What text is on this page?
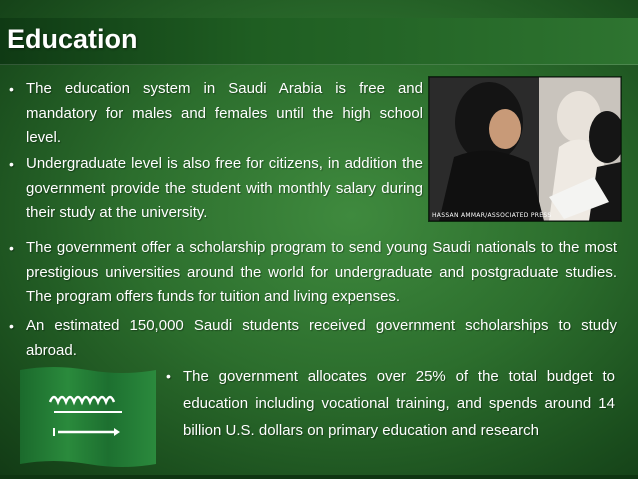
Education
• The education system in Saudi Arabia is free and mandatory for males and females until the high school level.
• Undergraduate level is also free for citizens, in addition the government provide the student with monthly salary during their study at the university.
• The government offer a scholarship program to send young Saudi nationals to the most prestigious universities around the world for undergraduate and postgraduate studies. The program offers funds for tuition and living expenses.
• An estimated 150,000 Saudi students received government scholarships to study abroad.
• The government allocates over 25% of the total budget to education including vocational training, and spends around 14 billion U.S. dollars on primary education and research
HASSAN AMMAR/ASSOCIATED PRESS
